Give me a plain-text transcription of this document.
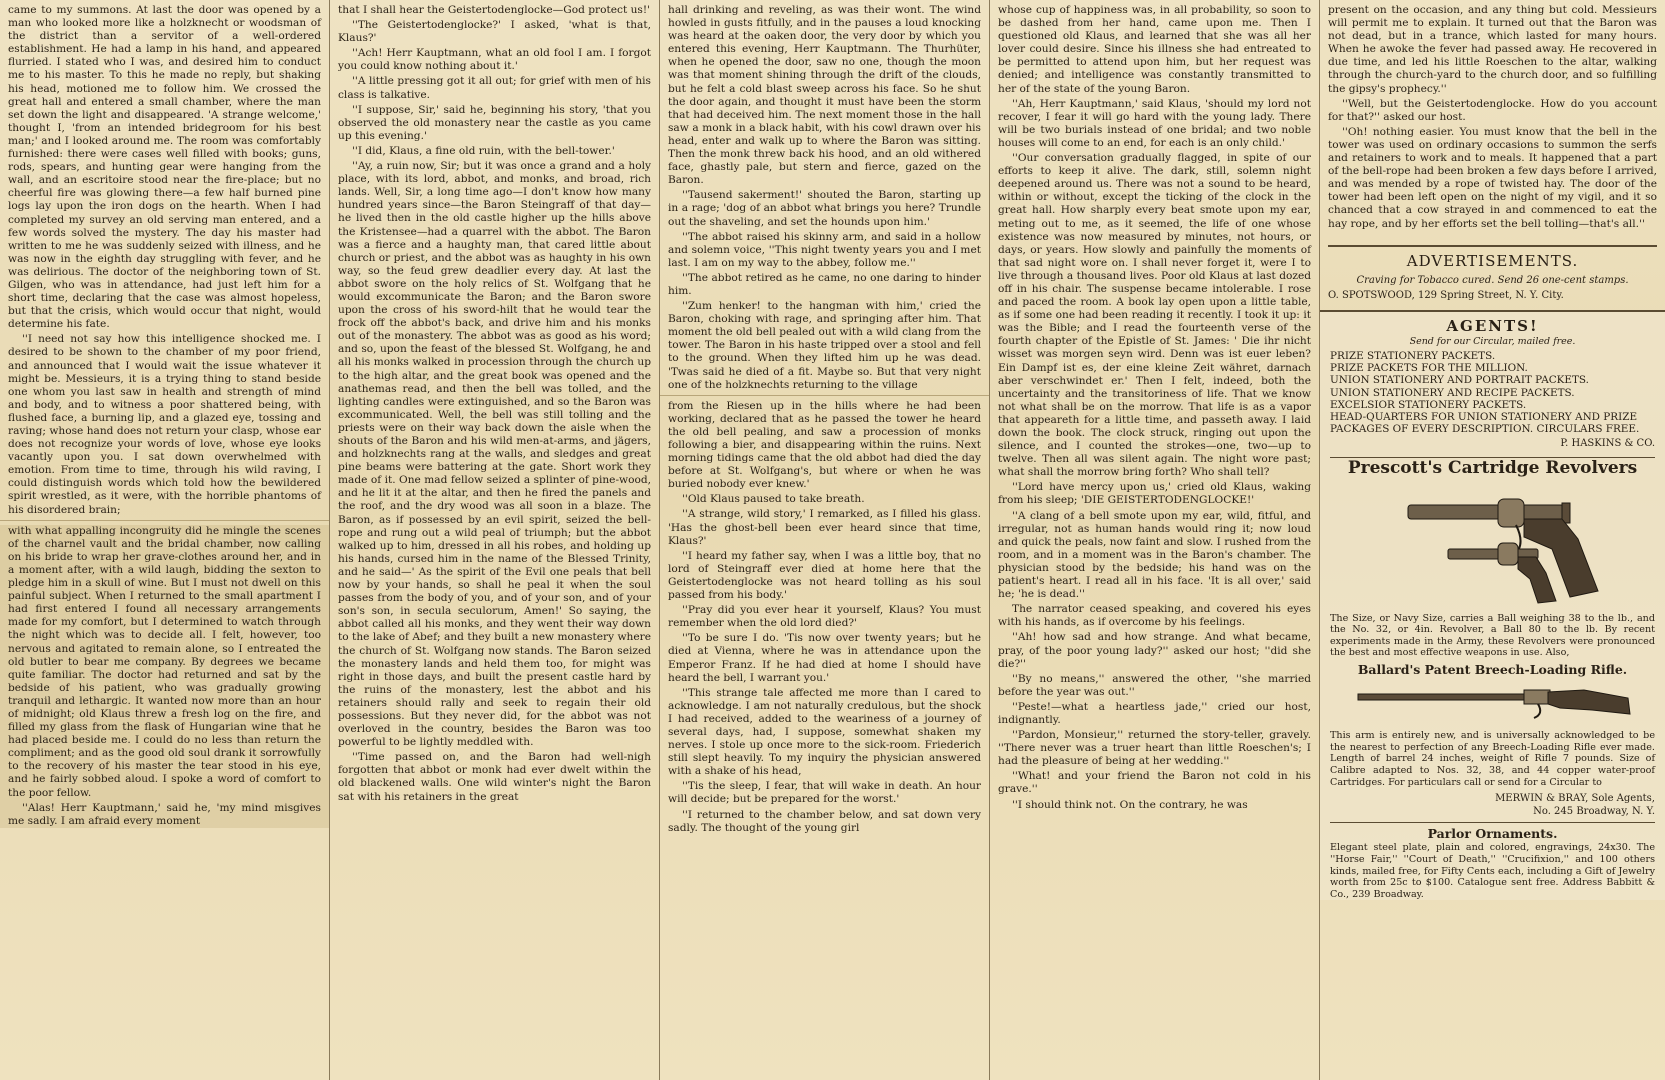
came to my summons. At last the door was opened by a man who looked more like a holzknecht or woodsman of the district than a servitor of a well-ordered establishment. He had a lamp in his hand, and appeared flurried. I stated who I was, and desired him to conduct me to his master. To this he made no reply, but shaking his head, motioned me to follow him. We crossed the great hall and entered a small chamber, where the man set down the light and disappeared. 'A strange welcome,' thought I, 'from an intended bridegroom for his best man;' and I looked around me. The room was comfortably furnished: there were cases well filled with books; guns, rods, spears, and hunting gear were hanging from the wall, and an escritoire stood near the fire-place; but no cheerful fire was glowing there—a few half burned pine logs lay upon the iron dogs on the hearth. When I had completed my survey an old serving man entered, and a few words solved the mystery. The day his master had written to me he was suddenly seized with illness, and he was now in the eighth day struggling with fever, and he was delirious. The doctor of the neighboring town of St. Gilgen, who was in attendance, had just left him for a short time, declaring that the case was almost hopeless, but that the crisis, which would occur that night, would determine his fate.

''I need not say how this intelligence shocked me. I desired to be shown to the chamber of my poor friend, and announced that I would wait the issue whatever it might be. Messieurs, it is a trying thing to stand beside one whom you last saw in health and strength of mind and body, and to witness a poor shattered being, with flushed face, a burning lip, and a glazed eye, tossing and raving; whose hand does not return your clasp, whose ear does not recognize your words of love, whose eye looks vacantly upon you. I sat down overwhelmed with emotion. From time to time, through his wild raving, I could distinguish words which told how the bewildered spirit wrestled, as it were, with the horrible phantoms of his disordered brain;

with what appalling incongruity did he mingle the scenes of the charnel vault and the bridal chamber, now calling on his bride to wrap her grave-clothes around her, and in a moment after, with a wild laugh, bidding the sexton to pledge him in a skull of wine. But I must not dwell on this painful subject. When I returned to the small apartment I had first entered I found all necessary arrangements made for my comfort, but I determined to watch through the night which was to decide all. I felt, however, too nervous and agitated to remain alone, so I entreated the old butler to bear me company. By degrees we became quite familiar. The doctor had returned and sat by the bedside of his patient, who was gradually growing tranquil and lethargic. It wanted now more than an hour of midnight; old Klaus threw a fresh log on the fire, and filled my glass from the flask of Hungarian wine that he had placed beside me. I could do no less than return the compliment; and as the good old soul drank it sorrowfully to the recovery of his master the tear stood in his eye, and he fairly sobbed aloud. I spoke a word of comfort to the poor fellow.

''Alas! Herr Kauptmann,' said he, 'my mind misgives me sadly. I am afraid every moment

that I shall hear the Geistertodenglocke—God protect us!'

''The Geistertodenglocke?' I asked, 'what is that, Klaus?'

''Ach! Herr Kauptmann, what an old fool I am. I forgot you could know nothing about it.'

''A little pressing got it all out; for grief with men of his class is talkative.

''I suppose, Sir,' said he, beginning his story, 'that you observed the old monastery near the castle as you came up this evening.'

''I did, Klaus, a fine old ruin, with the bell-tower.'

''Ay, a ruin now, Sir; but it was once a grand and a holy place, with its lord, abbot, and monks, and broad, rich lands. Well, Sir, a long time ago—I don't know how many hundred years since—the Baron Steingraff of that day—he lived then in the old castle higher up the hills above the Kristensee—had a quarrel with the abbot. The Baron was a fierce and a haughty man, that cared little about church or priest, and the abbot was as haughty in his own way, so the feud grew deadlier every day. At last the abbot swore on the holy relics of St. Wolfgang that he would excommunicate the Baron; and the Baron swore upon the cross of his sword-hilt that he would tear the frock off the abbot's back, and drive him and his monks out of the monastery. The abbot was as good as his word; and so, upon the feast of the blessed St. Wolfgang, he and all his monks walked in procession through the church up to the high altar, and the great book was opened and the anathemas read, and then the bell was tolled, and the lighting candles were extinguished, and so the Baron was excommunicated. Well, the bell was still tolling and the priests were on their way back down the aisle when the shouts of the Baron and his wild men-at-arms, and jägers, and holzknechts rang at the walls, and sledges and great pine beams were battering at the gate. Short work they made of it. One mad fellow seized a splinter of pine-wood, and he lit it at the altar, and then he fired the panels and the roof, and the dry wood was all soon in a blaze. The Baron, as if possessed by an evil spirit, seized the bell-rope and rung out a wild peal of triumph; but the abbot walked up to him, dressed in all his robes, and holding up his hands, cursed him in the name of the Blessed Trinity, and he said—' As the spirit of the Evil one peals that bell now by your hands, so shall he peal it when the soul passes from the body of you, and of your son, and of your son's son, in secula seculorum, Amen!' So saying, the abbot called all his monks, and they went their way down to the lake of Abef; and they built a new monastery where the church of St. Wolfgang now stands. The Baron seized the monastery lands and held them too, for might was right in those days, and built the present castle hard by the ruins of the monastery, lest the abbot and his retainers should rally and seek to regain their old possessions. But they never did, for the abbot was not overloved in the country, besides the Baron was too powerful to be lightly meddled with.

''Time passed on, and the Baron had well-nigh forgotten that abbot or monk had ever dwelt within the old blackened walls. One wild winter's night the Baron sat with his retainers in the great

hall drinking and reveling, as was their wont. The wind howled in gusts fitfully, and in the pauses a loud knocking was heard at the oaken door, the very door by which you entered this evening, Herr Kauptmann. The Thurhüter, when he opened the door, saw no one, though the moon was that moment shining through the drift of the clouds, but he felt a cold blast sweep across his face. So he shut the door again, and thought it must have been the storm that had deceived him. The next moment those in the hall saw a monk in a black habit, with his cowl drawn over his head, enter and walk up to where the Baron was sitting. Then the monk threw back his hood, and an old withered face, ghastly pale, but stern and fierce, gazed on the Baron.

''Tausend sakerment!' shouted the Baron, starting up in a rage; 'dog of an abbot what brings you here? Trundle out the shaveling, and set the hounds upon him.'

''The abbot raised his skinny arm, and said in a hollow and solemn voice, ''This night twenty years you and I met last. I am on my way to the abbey, follow me.''

''The abbot retired as he came, no one daring to hinder him.

''Zum henker! to the hangman with him,' cried the Baron, choking with rage, and springing after him. That moment the old bell pealed out with a wild clang from the tower. The Baron in his haste tripped over a stool and fell to the ground. When they lifted him up he was dead. 'Twas said he died of a fit. Maybe so. But that very night one of the holzknechts returning to the village

from the Riesen up in the hills where he had been working, declared that as he passed the tower he heard the old bell pealing, and saw a procession of monks following a bier, and disappearing within the ruins. Next morning tidings came that the old abbot had died the day before at St. Wolfgang's, but where or when he was buried nobody ever knew.'

''Old Klaus paused to take breath.

''A strange, wild story,' I remarked, as I filled his glass. 'Has the ghost-bell been ever heard since that time, Klaus?'

''I heard my father say, when I was a little boy, that no lord of Steingraff ever died at home here that the Geistertodenglocke was not heard tolling as his soul passed from his body.'

''Pray did you ever hear it yourself, Klaus? You must remember when the old lord died?'

''To be sure I do. 'Tis now over twenty years; but he died at Vienna, where he was in attendance upon the Emperor Franz. If he had died at home I should have heard the bell, I warrant you.'

''This strange tale affected me more than I cared to acknowledge. I am not naturally credulous, but the shock I had received, added to the weariness of a journey of several days, had, I suppose, somewhat shaken my nerves. I stole up once more to the sick-room. Friederich still slept heavily. To my inquiry the physician answered with a shake of his head,

''Tis the sleep, I fear, that will wake in death. An hour will decide; but be prepared for the worst.'

''I returned to the chamber below, and sat down very sadly. The thought of the young girl

whose cup of happiness was, in all probability, so soon to be dashed from her hand, came upon me. Then I questioned old Klaus, and learned that she was all her lover could desire. Since his illness she had entreated to be permitted to attend upon him, but her request was denied; and intelligence was constantly transmitted to her of the state of the young Baron.

''Ah, Herr Kauptmann,' said Klaus, 'should my lord not recover, I fear it will go hard with the young lady. There will be two burials instead of one bridal; and two noble houses will come to an end, for each is an only child.'

''Our conversation gradually flagged, in spite of our efforts to keep it alive. The dark, still, solemn night deepened around us. There was not a sound to be heard, within or without, except the ticking of the clock in the great hall. How sharply every beat smote upon my ear, meting out to me, as it seemed, the life of one whose existence was now measured by minutes, not hours, or days, or years. How slowly and painfully the moments of that sad night wore on. I shall never forget it, were I to live through a thousand lives. Poor old Klaus at last dozed off in his chair. The suspense became intolerable. I rose and paced the room. A book lay open upon a little table, as if some one had been reading it recently. I took it up: it was the Bible; and I read the fourteenth verse of the fourth chapter of the Epistle of St. James: ' Die ihr nicht wisset was morgen seyn wird. Denn was ist euer leben? Ein Dampf ist es, der eine kleine Zeit währet, darnach aber verschwindet er.' Then I felt, indeed, both the uncertainty and the transitoriness of life. That we know not what shall be on the morrow. That life is as a vapor that appeareth for a little time, and passeth away. I laid down the book. The clock struck, ringing out upon the silence, and I counted the strokes—one, two—up to twelve. Then all was silent again. The night wore past; what shall the morrow bring forth? Who shall tell?

''Lord have mercy upon us,' cried old Klaus, waking from his sleep; 'DIE GEISTERTODENGLOCKE!'

''A clang of a bell smote upon my ear, wild, fitful, and irregular, not as human hands would ring it; now loud and quick the peals, now faint and slow. I rushed from the room, and in a moment was in the Baron's chamber. The physician stood by the bedside; his hand was on the patient's heart. I read all in his face. 'It is all over,' said he; 'he is dead.''

The narrator ceased speaking, and covered his eyes with his hands, as if overcome by his feelings.

''Ah! how sad and how strange. And what became, pray, of the poor young lady?'' asked our host; ''did she die?''

''By no means,'' answered the other, ''she married before the year was out.''

''Peste!—what a heartless jade,'' cried our host, indignantly.

''Pardon, Monsieur,'' returned the story-teller, gravely. ''There never was a truer heart than little Roeschen's; I had the pleasure of being at her wedding.''

''What! and your friend the Baron not cold in his grave.''

''I should think not. On the contrary, he was

present on the occasion, and any thing but cold. Messieurs will permit me to explain. It turned out that the Baron was not dead, but in a trance, which lasted for many hours. When he awoke the fever had passed away. He recovered in due time, and led his little Roeschen to the altar, walking through the church-yard to the church door, and so fulfilling the gipsy's prophecy.''

''Well, but the Geistertodenglocke. How do you account for that?'' asked our host.

''Oh! nothing easier. You must know that the bell in the tower was used on ordinary occasions to summon the serfs and retainers to work and to meals. It happened that a part of the bell-rope had been broken a few days before I arrived, and was mended by a rope of twisted hay. The door of the tower had been left open on the night of my vigil, and it so chanced that a cow strayed in and commenced to eat the hay rope, and by her efforts set the bell tolling—that's all.''

ADVERTISEMENTS.
Craving for Tobacco cured. Send 26 one-cent stamps.
O. SPOTSWOOD, 129 Spring Street, N. Y. City.
AGENTS!
Send for our Circular, mailed free.
PRIZE STATIONERY PACKETS.
PRIZE PACKETS FOR THE MILLION.
UNION STATIONERY AND PORTRAIT PACKETS.
UNION STATIONERY AND RECIPE PACKETS.
EXCELSIOR STATIONERY PACKETS.
HEAD-QUARTERS FOR UNION STATIONERY AND PRIZE PACKAGES OF EVERY DESCRIPTION. CIRCULARS FREE.
P. HASKINS & CO.
Prescott's Cartridge Revolvers
The Size, or Navy Size, carries a Ball weighing 38 to the lb., and the No. 32, or 4in. Revolver, a Ball 80 to the lb. By recent experiments made in the Army, these Revolvers were pronounced the best and most effective weapons in use. Also,
Ballard's Patent Breech-Loading Rifle.
This arm is entirely new, and is universally acknowledged to be the nearest to perfection of any Breech-Loading Rifle ever made. Length of barrel 24 inches, weight of Rifle 7 pounds. Size of Calibre adapted to Nos. 32, 38, and 44 copper water-proof Cartridges. For particulars call or send for a Circular to
MERWIN & BRAY, Sole Agents,
No. 245 Broadway, N. Y.
Parlor Ornaments.
Elegant steel plate, plain and colored, engravings, 24x30. The ''Horse Fair,'' ''Court of Death,'' ''Crucifixion,'' and 100 others kinds, mailed free, for Fifty Cents each, including a Gift of Jewelry worth from 25c to $100. Catalogue sent free. Address Babbitt & Co., 239 Broadway.
